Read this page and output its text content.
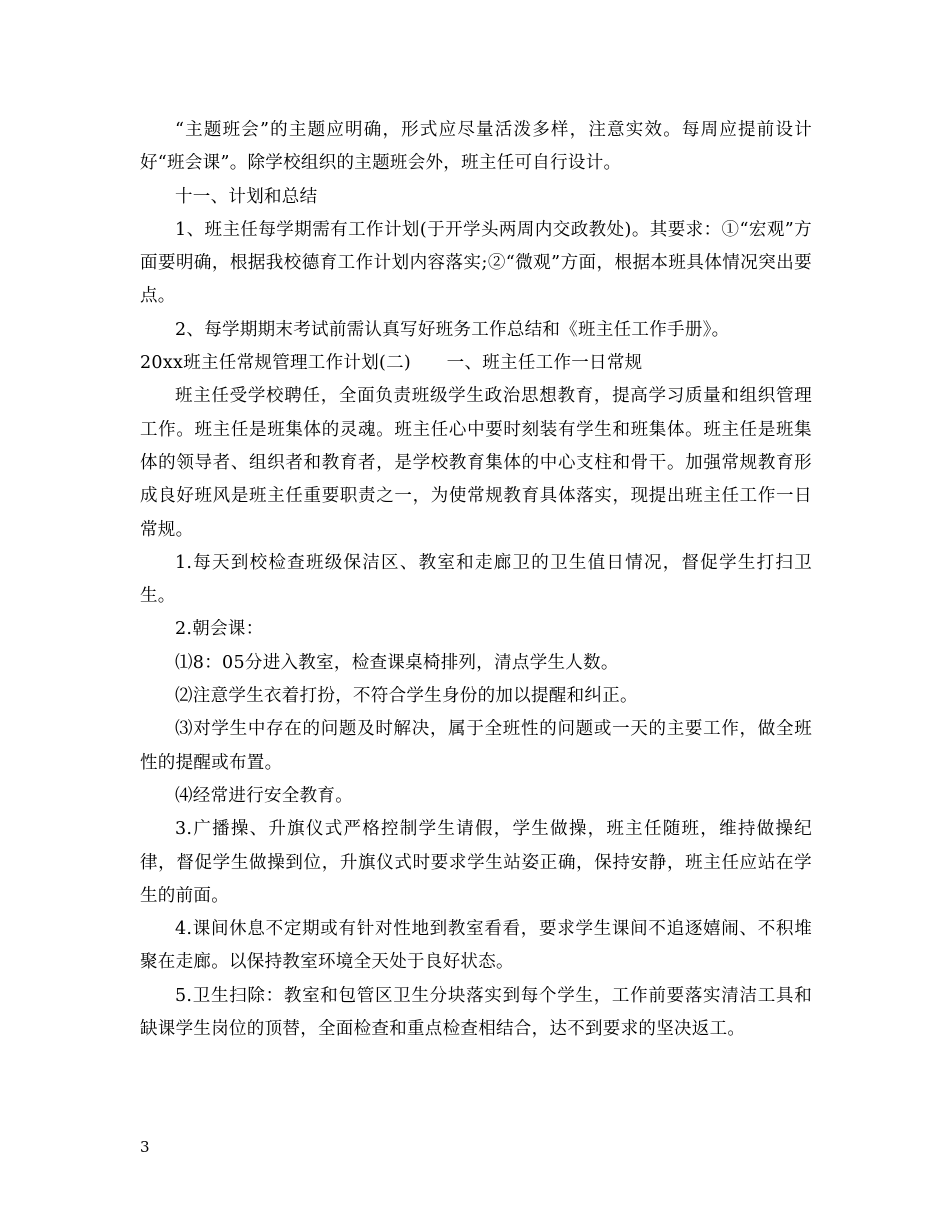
“主题班会”的主题应明确，形式应尽量活泼多样，注意实效。每周应提前设计好“班会课”。除学校组织的主题班会外，班主任可自行设计。

十一、计划和总结

1、班主任每学期需有工作计划(于开学头两周内交政教处)。其要求：①“宏观”方面要明确，根据我校德育工作计划内容落实;②“微观”方面，根据本班具体情况突出要点。

2、每学期期末考试前需认真写好班务工作总结和《班主任工作手册》。

20xx班主任常规管理工作计划(二)　　一、班主任工作一日常规

班主任受学校聘任，全面负责班级学生政治思想教育，提高学习质量和组织管理工作。班主任是班集体的灵魂。班主任心中要时刻装有学生和班集体。班主任是班集体的领导者、组织者和教育者，是学校教育集体的中心支柱和骨干。加强常规教育形成良好班风是班主任重要职责之一，为使常规教育具体落实，现提出班主任工作一日常规。

1.每天到校检查班级保洁区、教室和走廊卫的卫生值日情况，督促学生打扫卫生。

2.朝会课：

⑴8：05分进入教室，检查课桌椅排列，清点学生人数。

⑵注意学生衣着打扮，不符合学生身份的加以提醒和纠正。

⑶对学生中存在的问题及时解决，属于全班性的问题或一天的主要工作，做全班性的提醒或布置。

⑷经常进行安全教育。

3.广播操、升旗仪式严格控制学生请假，学生做操，班主任随班，维持做操纪律，督促学生做操到位，升旗仪式时要求学生站姿正确，保持安静，班主任应站在学生的前面。

4.课间休息不定期或有针对性地到教室看看，要求学生课间不追逐嬉闹、不积堆聚在走廊。以保持教室环境全天处于良好状态。

5.卫生扫除：教室和包管区卫生分块落实到每个学生，工作前要落实清洁工具和缺课学生岗位的顶替，全面检查和重点检查相结合，达不到要求的坚决返工。

3
